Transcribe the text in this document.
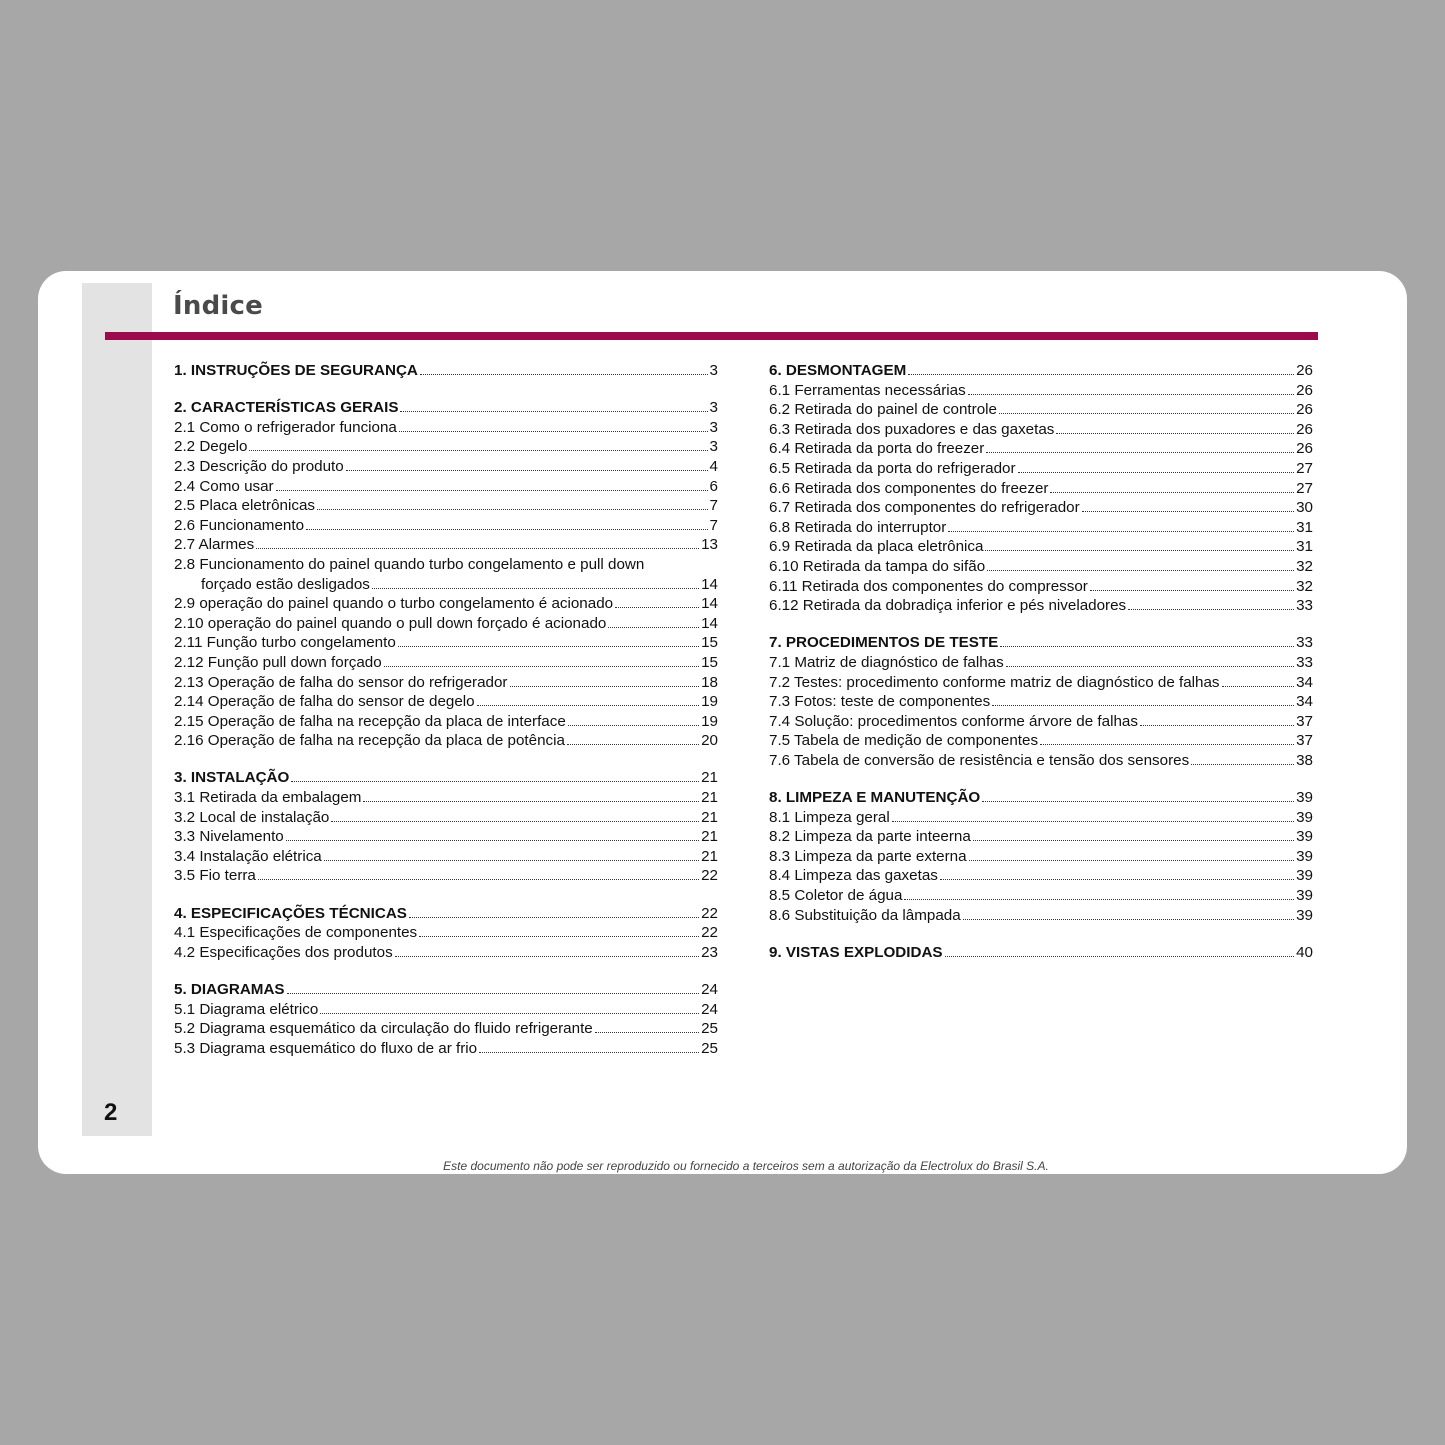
2
Índice
1. INSTRUÇÕES DE SEGURANÇA	3
2. CARACTERÍSTICAS GERAIS	3
2.1 Como o refrigerador funciona	3
2.2 Degelo	3
2.3 Descrição do produto	4
2.4 Como usar	6
2.5 Placa eletrônicas	7
2.6 Funcionamento	7
2.7 Alarmes	13
2.8 Funcionamento do painel quando turbo congelamento e pull down
forçado estão desligados	14
2.9 operação do painel quando o turbo congelamento é acionado	14
2.10 operação do painel quando o pull down forçado é acionado	14
2.11 Função turbo congelamento	15
2.12 Função pull down forçado	15
2.13 Operação de falha do sensor do refrigerador	18
2.14 Operação de falha do sensor de degelo	19
2.15 Operação de falha na recepção da placa de interface	19
2.16 Operação de falha na recepção da placa de potência	20
3. INSTALAÇÃO	21
3.1 Retirada da embalagem	21
3.2 Local de instalação	21
3.3 Nivelamento	21
3.4 Instalação elétrica	21
3.5 Fio terra	22
4. ESPECIFICAÇÕES TÉCNICAS	22
4.1 Especificações de componentes	22
4.2 Especificações dos produtos	23
5. DIAGRAMAS	24
5.1 Diagrama elétrico	24
5.2 Diagrama esquemático da circulação do fluido refrigerante	25
5.3 Diagrama esquemático do fluxo de ar frio	25
6. DESMONTAGEM	26
6.1 Ferramentas necessárias	26
6.2 Retirada do painel de controle	26
6.3 Retirada dos puxadores e das gaxetas	26
6.4 Retirada da porta do freezer	26
6.5 Retirada da porta do refrigerador	27
6.6 Retirada dos componentes do freezer	27
6.7 Retirada dos componentes do refrigerador	30
6.8 Retirada do interruptor	31
6.9 Retirada da placa eletrônica	31
6.10 Retirada da tampa do sifão	32
6.11 Retirada dos componentes do compressor	32
6.12 Retirada da dobradiça inferior e pés niveladores	33
7. PROCEDIMENTOS DE TESTE	33
7.1 Matriz de diagnóstico de falhas	33
7.2 Testes: procedimento conforme matriz de diagnóstico de falhas	34
7.3 Fotos: teste de componentes	34
7.4 Solução: procedimentos conforme árvore de falhas	37
7.5 Tabela de medição de componentes	37
7.6 Tabela de conversão de resistência e tensão dos sensores	38
8. LIMPEZA E MANUTENÇÃO	39
8.1 Limpeza geral	39
8.2 Limpeza da parte inteerna	39
8.3 Limpeza da parte externa	39
8.4 Limpeza das gaxetas	39
8.5 Coletor de água	39
8.6 Substituição da lâmpada	39
9. VISTAS EXPLODIDAS	40
Este documento não pode ser reproduzido ou fornecido a terceiros sem a autorização da Electrolux do Brasil S.A.
